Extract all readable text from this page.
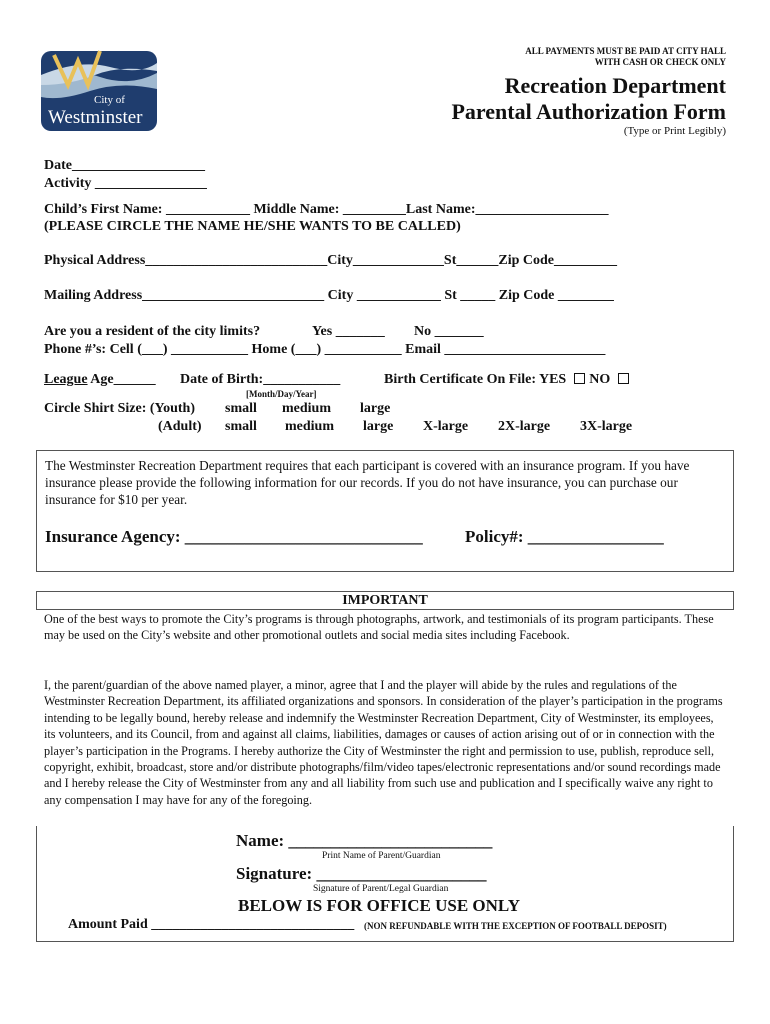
City of
Westminster
ALL PAYMENTS MUST BE PAID AT CITY HALL
WITH CASH OR CHECK ONLY
Recreation Department
Parental Authorization Form
(Type or Print Legibly)
Date___________________
Activity ________________
Child’s First Name: ____________ Middle Name: _________Last Name:___________________
(PLEASE CIRCLE THE NAME HE/SHE WANTS TO BE CALLED)
Physical Address__________________________City_____________St______Zip Code_________
Mailing Address__________________________ City ____________ St _____ Zip Code ________
Are you a resident of the city limits?	Yes _______ No _______
Phone #’s: Cell (___) ___________ Home (___) ___________ Email _______________________
League Age______ Date of Birth:___________
[Month/Day/Year]
Birth Certificate On File: YES NO
Circle Shirt Size: (Youth) small medium large
(Adult) small medium large X-large 2X-large 3X-large
The Westminster Recreation Department requires that each participant is covered with an insurance program. If you have insurance please provide the following information for our records. If you do not have insurance, you can purchase our insurance for $10 per year.
Insurance Agency: ____________________________ Policy#: ________________
IMPORTANT
One of the best ways to promote the City’s programs is through photographs, artwork, and testimonials of its program participants. These may be used on the City’s website and other promotional outlets and social media sites including Facebook.
I, the parent/guardian of the above named player, a minor, agree that I and the player will abide by the rules and regulations of the Westminster Recreation Department, its affiliated organizations and sponsors. In consideration of the player’s participation in the programs intending to be legally bound, hereby release and indemnify the Westminster Recreation Department, City of Westminster, its employees, its volunteers, and its Council, from and against all claims, liabilities, damages or causes of action arising out of or in connection with the player’s participation in the Programs. I hereby authorize the City of Westminster the right and permission to use, publish, reproduce sell, copyright, exhibit, broadcast, store and/or distribute photographs/film/video tapes/electronic representations and/or sound recordings made and I hereby release the City of Westminster from any and all liability from such use and publication and I specifically waive any right to any compensation I may have for any of the foregoing.
Name: ________________________
Print Name of Parent/Guardian
Signature: ____________________
Signature of Parent/Legal Guardian
BELOW IS FOR OFFICE USE ONLY
Amount Paid _____________________________ (NON REFUNDABLE WITH THE EXCEPTION OF FOOTBALL DEPOSIT)
